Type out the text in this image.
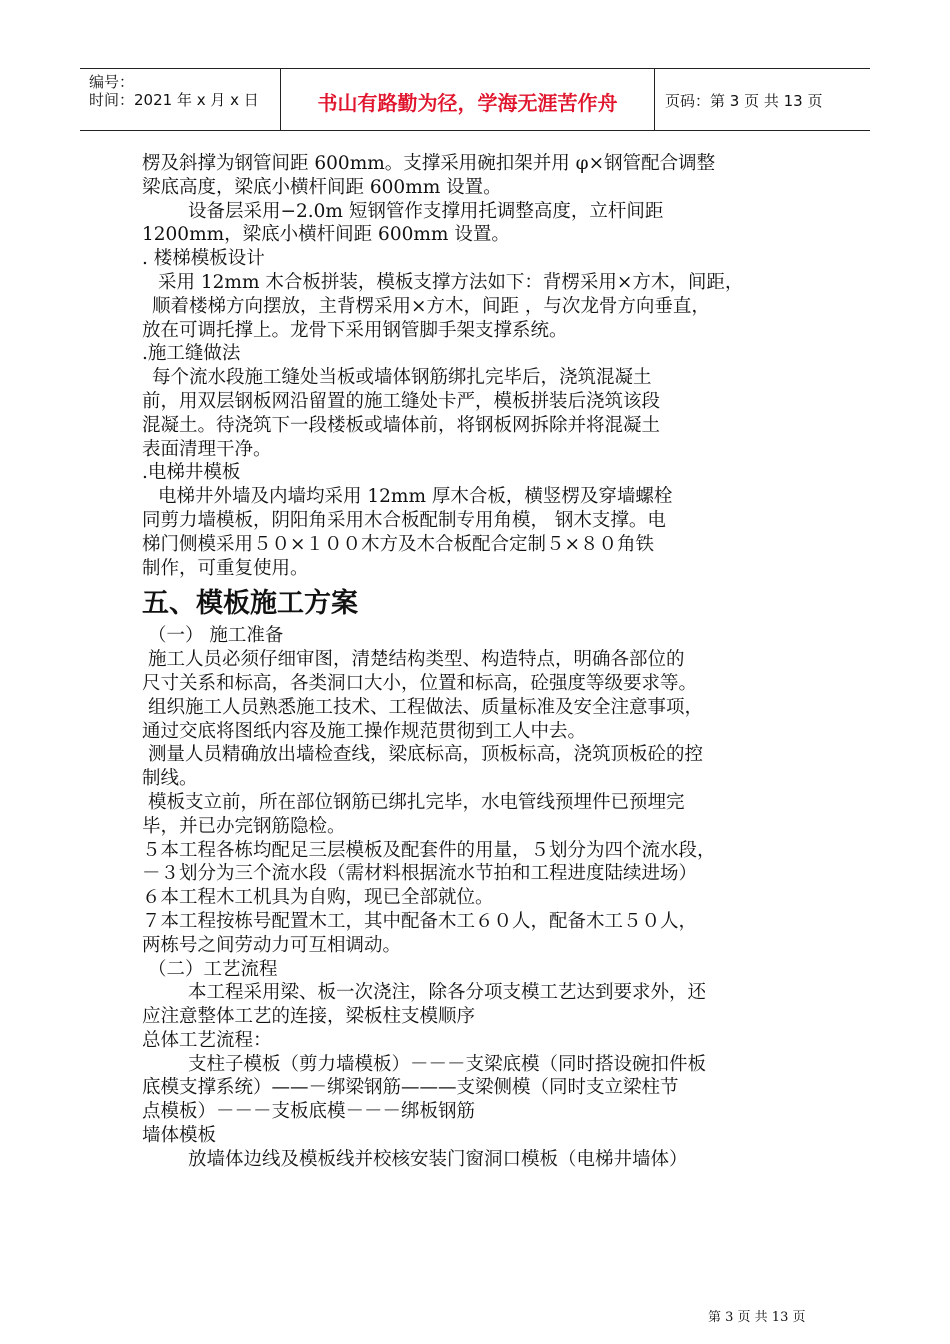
编号：
时间：2021 年 x 月 x 日	书山有路勤为径，学海无涯苦作舟	页码：第 3 页 共 13 页

楞及斜撑为钢管间距 600mm。支撑采用碗扣架并用 φ×钢管配合调整

梁底高度，梁底小横杆间距 600mm 设置。

设备层采用−2.0m 短钢管作支撑用托调整高度，立杆间距

1200mm，梁底小横杆间距 600mm 设置。

. 楼梯模板设计

采用 12mm 木合板拼装，模板支撑方法如下：背楞采用×方木，间距，

顺着楼梯方向摆放，主背楞采用×方木，间距 ，与次龙骨方向垂直，

放在可调托撑上。龙骨下采用钢管脚手架支撑系统。

.施工缝做法

每个流水段施工缝处当板或墙体钢筋绑扎完毕后，浇筑混凝土

前，用双层钢板网沿留置的施工缝处卡严，模板拼装后浇筑该段

混凝土。待浇筑下一段楼板或墙体前，将钢板网拆除并将混凝土

表面清理干净。

.电梯井模板

电梯井外墙及内墙均采用 12mm 厚木合板，横竖楞及穿墙螺栓

同剪力墙模板，阴阳角采用木合板配制专用角模， 钢木支撑。电

梯门侧模采用５０×１００木方及木合板配合定制５×８０角铁

制作，可重复使用。

五、模板施工方案

（一） 施工准备

施工人员必须仔细审图，清楚结构类型、构造特点，明确各部位的

尺寸关系和标高，各类洞口大小，位置和标高，砼强度等级要求等。

组织施工人员熟悉施工技术、工程做法、质量标准及安全注意事项，

通过交底将图纸内容及施工操作规范贯彻到工人中去。

测量人员精确放出墙检查线，梁底标高，顶板标高，浇筑顶板砼的控

制线。

模板支立前，所在部位钢筋已绑扎完毕，水电管线预埋件已预埋完

毕，并已办完钢筋隐检。

５本工程各栋均配足三层模板及配套件的用量，５划分为四个流水段，

－３划分为三个流水段（需材料根据流水节拍和工程进度陆续进场）

６本工程木工机具为自购，现已全部就位。

７本工程按栋号配置木工，其中配备木工６０人，配备木工５０人，

两栋号之间劳动力可互相调动。

（二）工艺流程

本工程采用梁、板一次浇注，除各分项支模工艺达到要求外，还

应注意整体工艺的连接，梁板柱支模顺序

总体工艺流程：

支柱子模板（剪力墙模板）－－－支梁底模（同时搭设碗扣件板

底模支撑系统）——－绑梁钢筋———支梁侧模（同时支立梁柱节

点模板）－－－支板底模－－－绑板钢筋

墙体模板

放墙体边线及模板线并校核安装门窗洞口模板（电梯井墙体）

第 3 页 共 13 页
